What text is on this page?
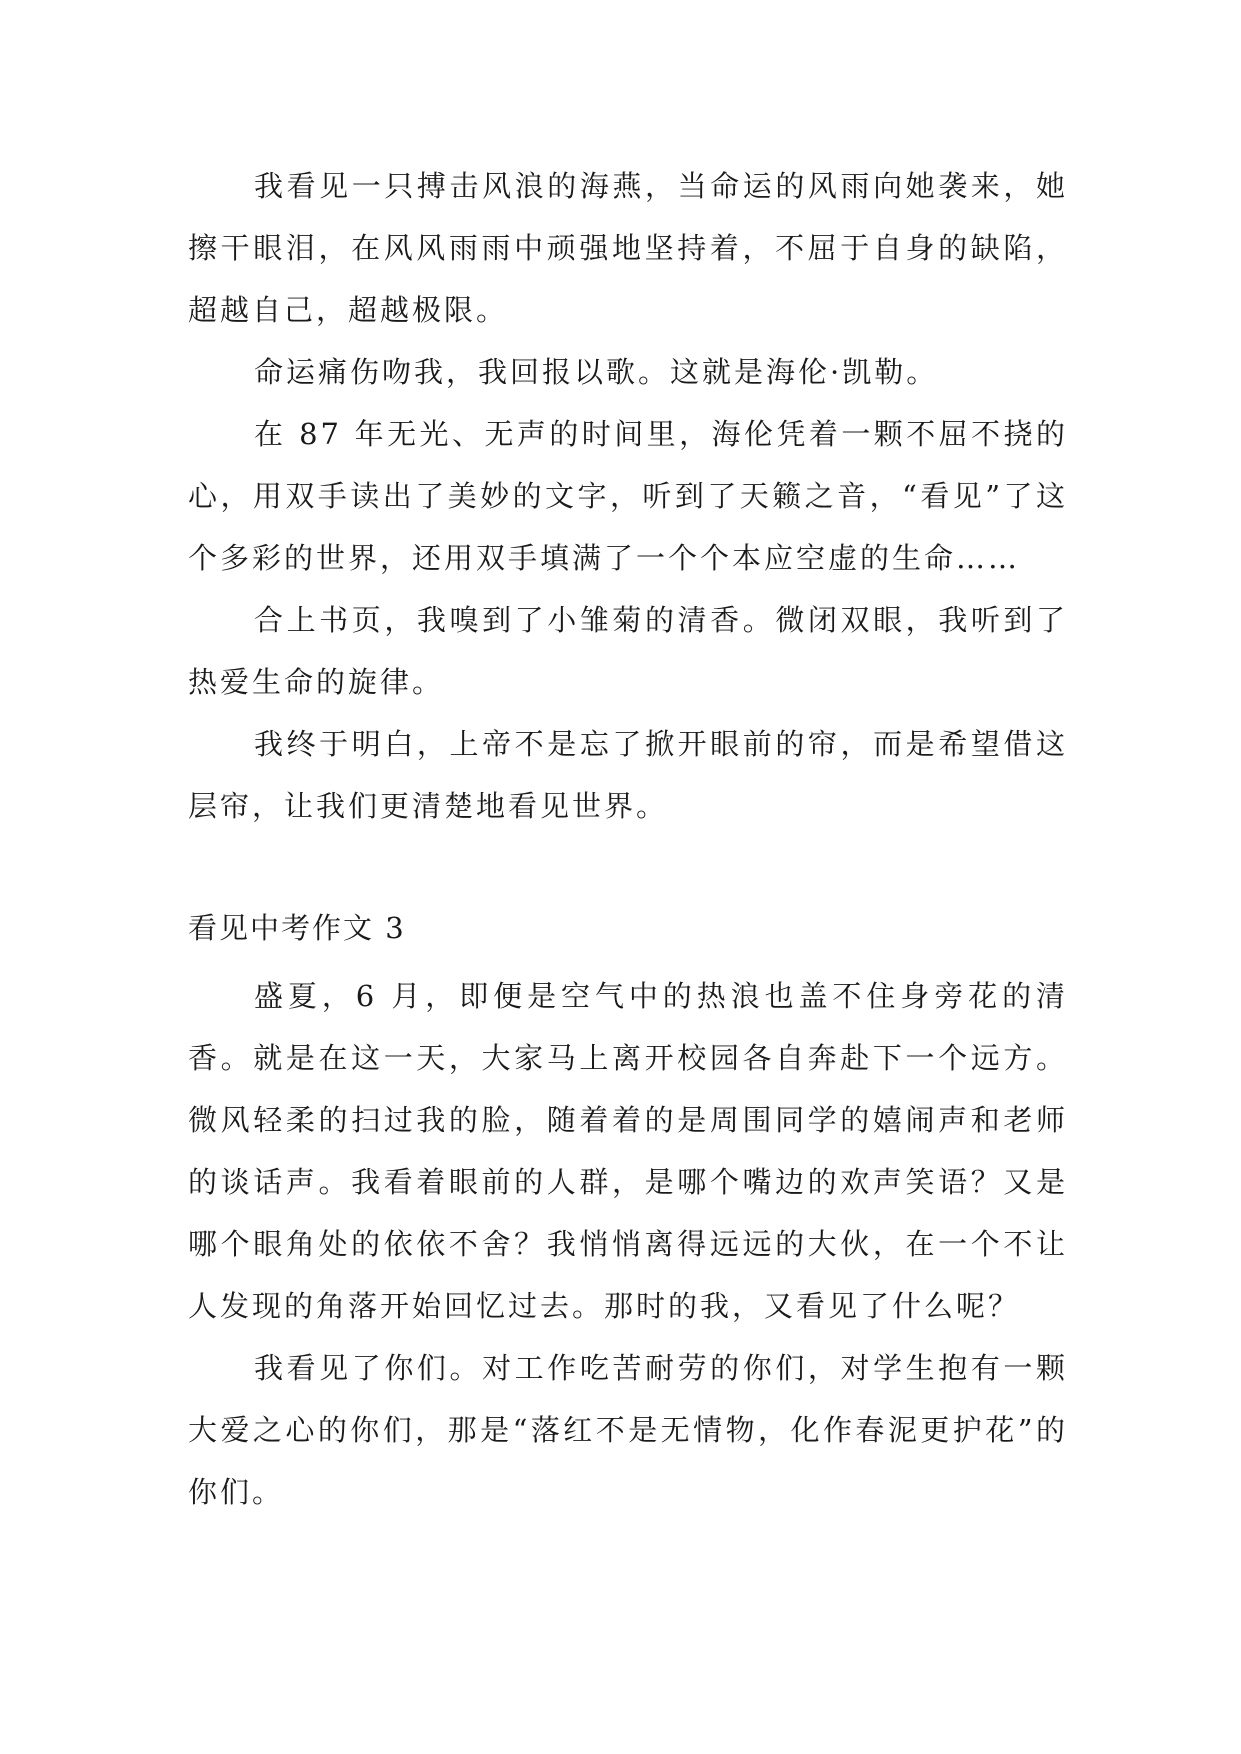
我看见一只搏击风浪的海燕，当命运的风雨向她袭来，她擦干眼泪，在风风雨雨中顽强地坚持着，不屈于自身的缺陷，超越自己，超越极限。

命运痛伤吻我，我回报以歌。这就是海伦·凯勒。

在 87 年无光、无声的时间里，海伦凭着一颗不屈不挠的心，用双手读出了美妙的文字，听到了天籁之音，“看见”了这个多彩的世界，还用双手填满了一个个本应空虚的生命……

合上书页，我嗅到了小雏菊的清香。微闭双眼，我听到了热爱生命的旋律。

我终于明白，上帝不是忘了掀开眼前的帘，而是希望借这层帘，让我们更清楚地看见世界。

看见中考作文 3

盛夏，6 月，即便是空气中的热浪也盖不住身旁花的清香。就是在这一天，大家马上离开校园各自奔赴下一个远方。微风轻柔的扫过我的脸，随着着的是周围同学的嬉闹声和老师的谈话声。我看着眼前的人群，是哪个嘴边的欢声笑语？又是哪个眼角处的依依不舍？我悄悄离得远远的大伙，在一个不让人发现的角落开始回忆过去。那时的我，又看见了什么呢？

我看见了你们。对工作吃苦耐劳的你们，对学生抱有一颗大爱之心的你们，那是“落红不是无情物，化作春泥更护花”的你们。
